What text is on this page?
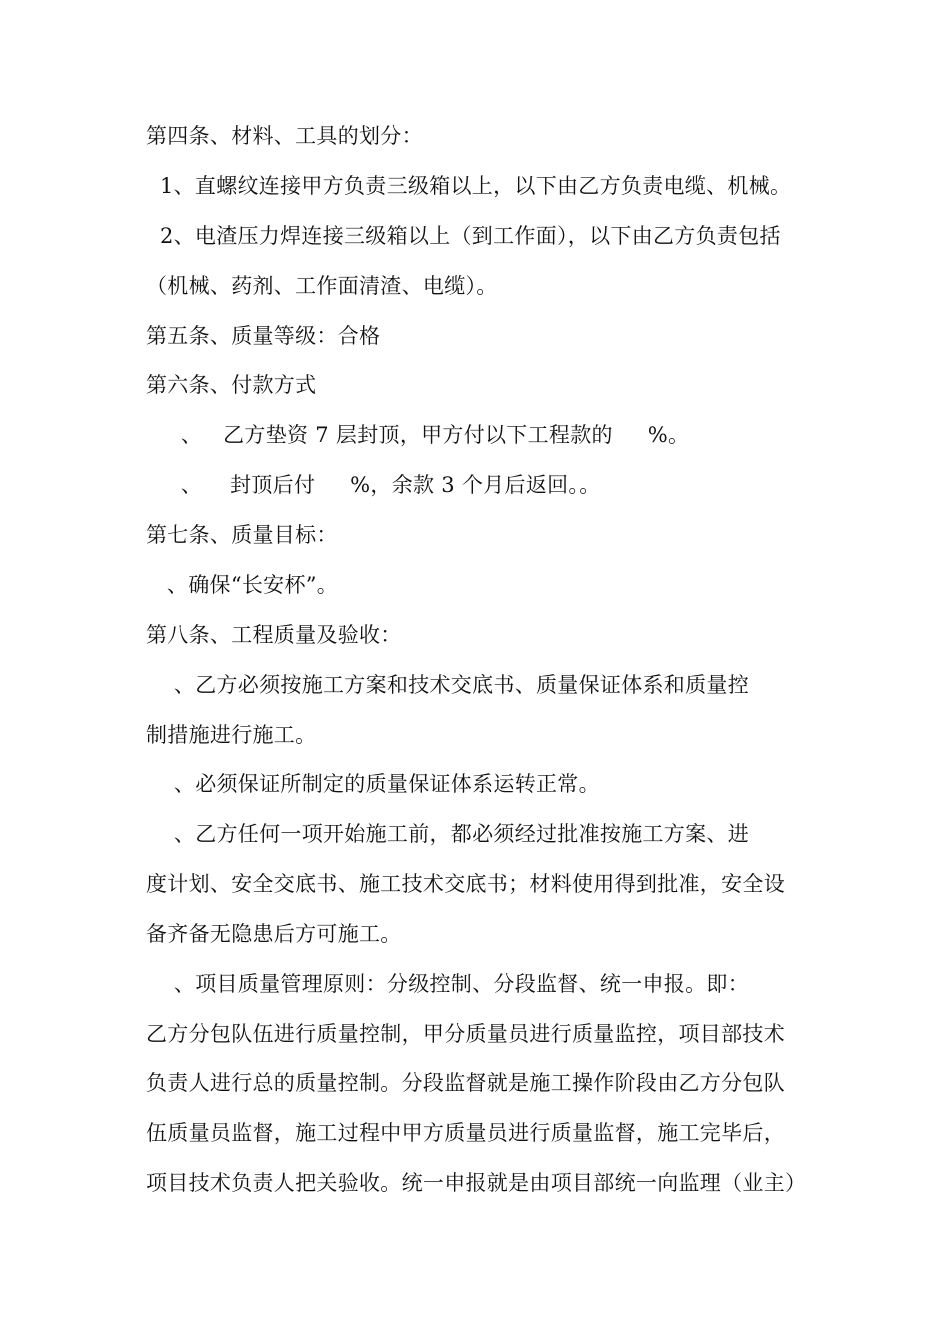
第四条、材料、工具的划分：
1、直螺纹连接甲方负责三级箱以上，以下由乙方负责电缆、机械。
2、电渣压力焊连接三级箱以上（到工作面），以下由乙方负责包括
（机械、药剂、工作面清渣、电缆）。
第五条、质量等级：合格
第六条、付款方式
、   乙方垫资 7 层封顶，甲方付以下工程款的     %。
、    封顶后付     %，余款 3 个月后返回。。
第七条、质量目标：
、确保“长安杯”。
第八条、工程质量及验收：
、乙方必须按施工方案和技术交底书、质量保证体系和质量控
制措施进行施工。
、必须保证所制定的质量保证体系运转正常。
、乙方任何一项开始施工前，都必须经过批准按施工方案、进
度计划、安全交底书、施工技术交底书；材料使用得到批准，安全设
备齐备无隐患后方可施工。
、项目质量管理原则：分级控制、分段监督、统一申报。即：
乙方分包队伍进行质量控制，甲分质量员进行质量监控，项目部技术
负责人进行总的质量控制。分段监督就是施工操作阶段由乙方分包队
伍质量员监督，施工过程中甲方质量员进行质量监督，施工完毕后，
项目技术负责人把关验收。统一申报就是由项目部统一向监理（业主）
